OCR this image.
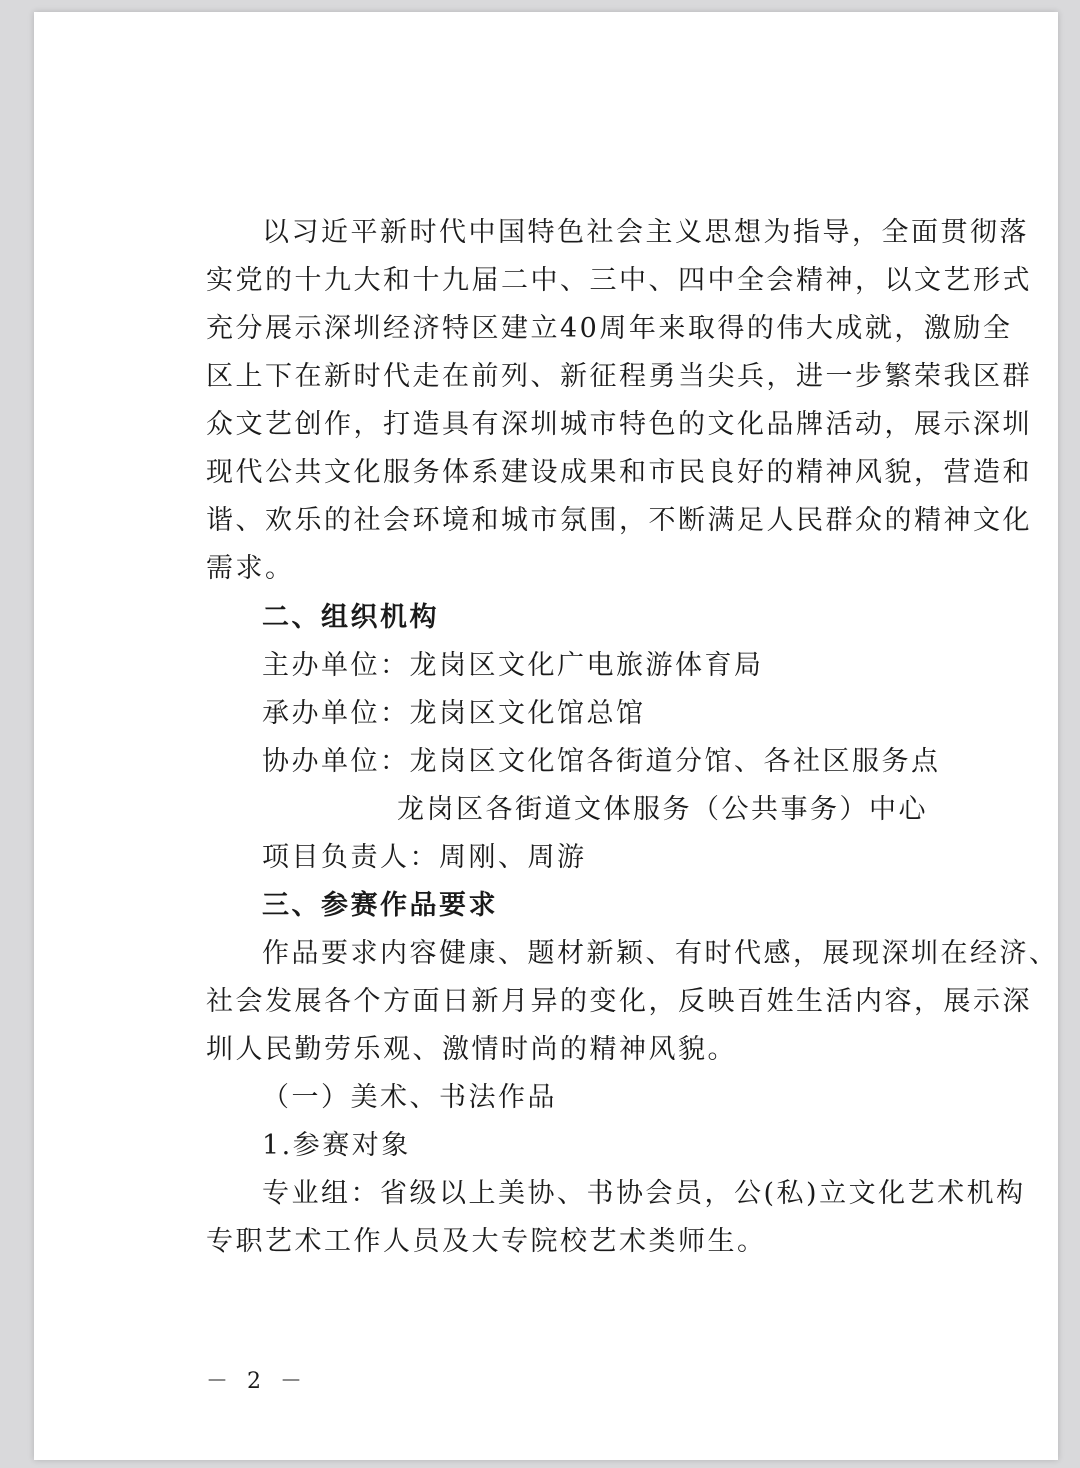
以习近平新时代中国特色社会主义思想为指导，全面贯彻落
实党的十九大和十九届二中、三中、四中全会精神，以文艺形式
充分展示深圳经济特区建立40周年来取得的伟大成就，激励全
区上下在新时代走在前列、新征程勇当尖兵，进一步繁荣我区群
众文艺创作，打造具有深圳城市特色的文化品牌活动，展示深圳
现代公共文化服务体系建设成果和市民良好的精神风貌，营造和
谐、欢乐的社会环境和城市氛围，不断满足人民群众的精神文化
需求。
二、组织机构
主办单位：龙岗区文化广电旅游体育局
承办单位：龙岗区文化馆总馆
协办单位：龙岗区文化馆各街道分馆、各社区服务点
龙岗区各街道文体服务（公共事务）中心
项目负责人：周刚、周游
三、参赛作品要求
作品要求内容健康、题材新颖、有时代感，展现深圳在经济、
社会发展各个方面日新月异的变化，反映百姓生活内容，展示深
圳人民勤劳乐观、激情时尚的精神风貌。
（一）美术、书法作品
1.参赛对象
专业组：省级以上美协、书协会员，公(私)立文化艺术机构
专职艺术工作人员及大专院校艺术类师生。
－ 2 －
